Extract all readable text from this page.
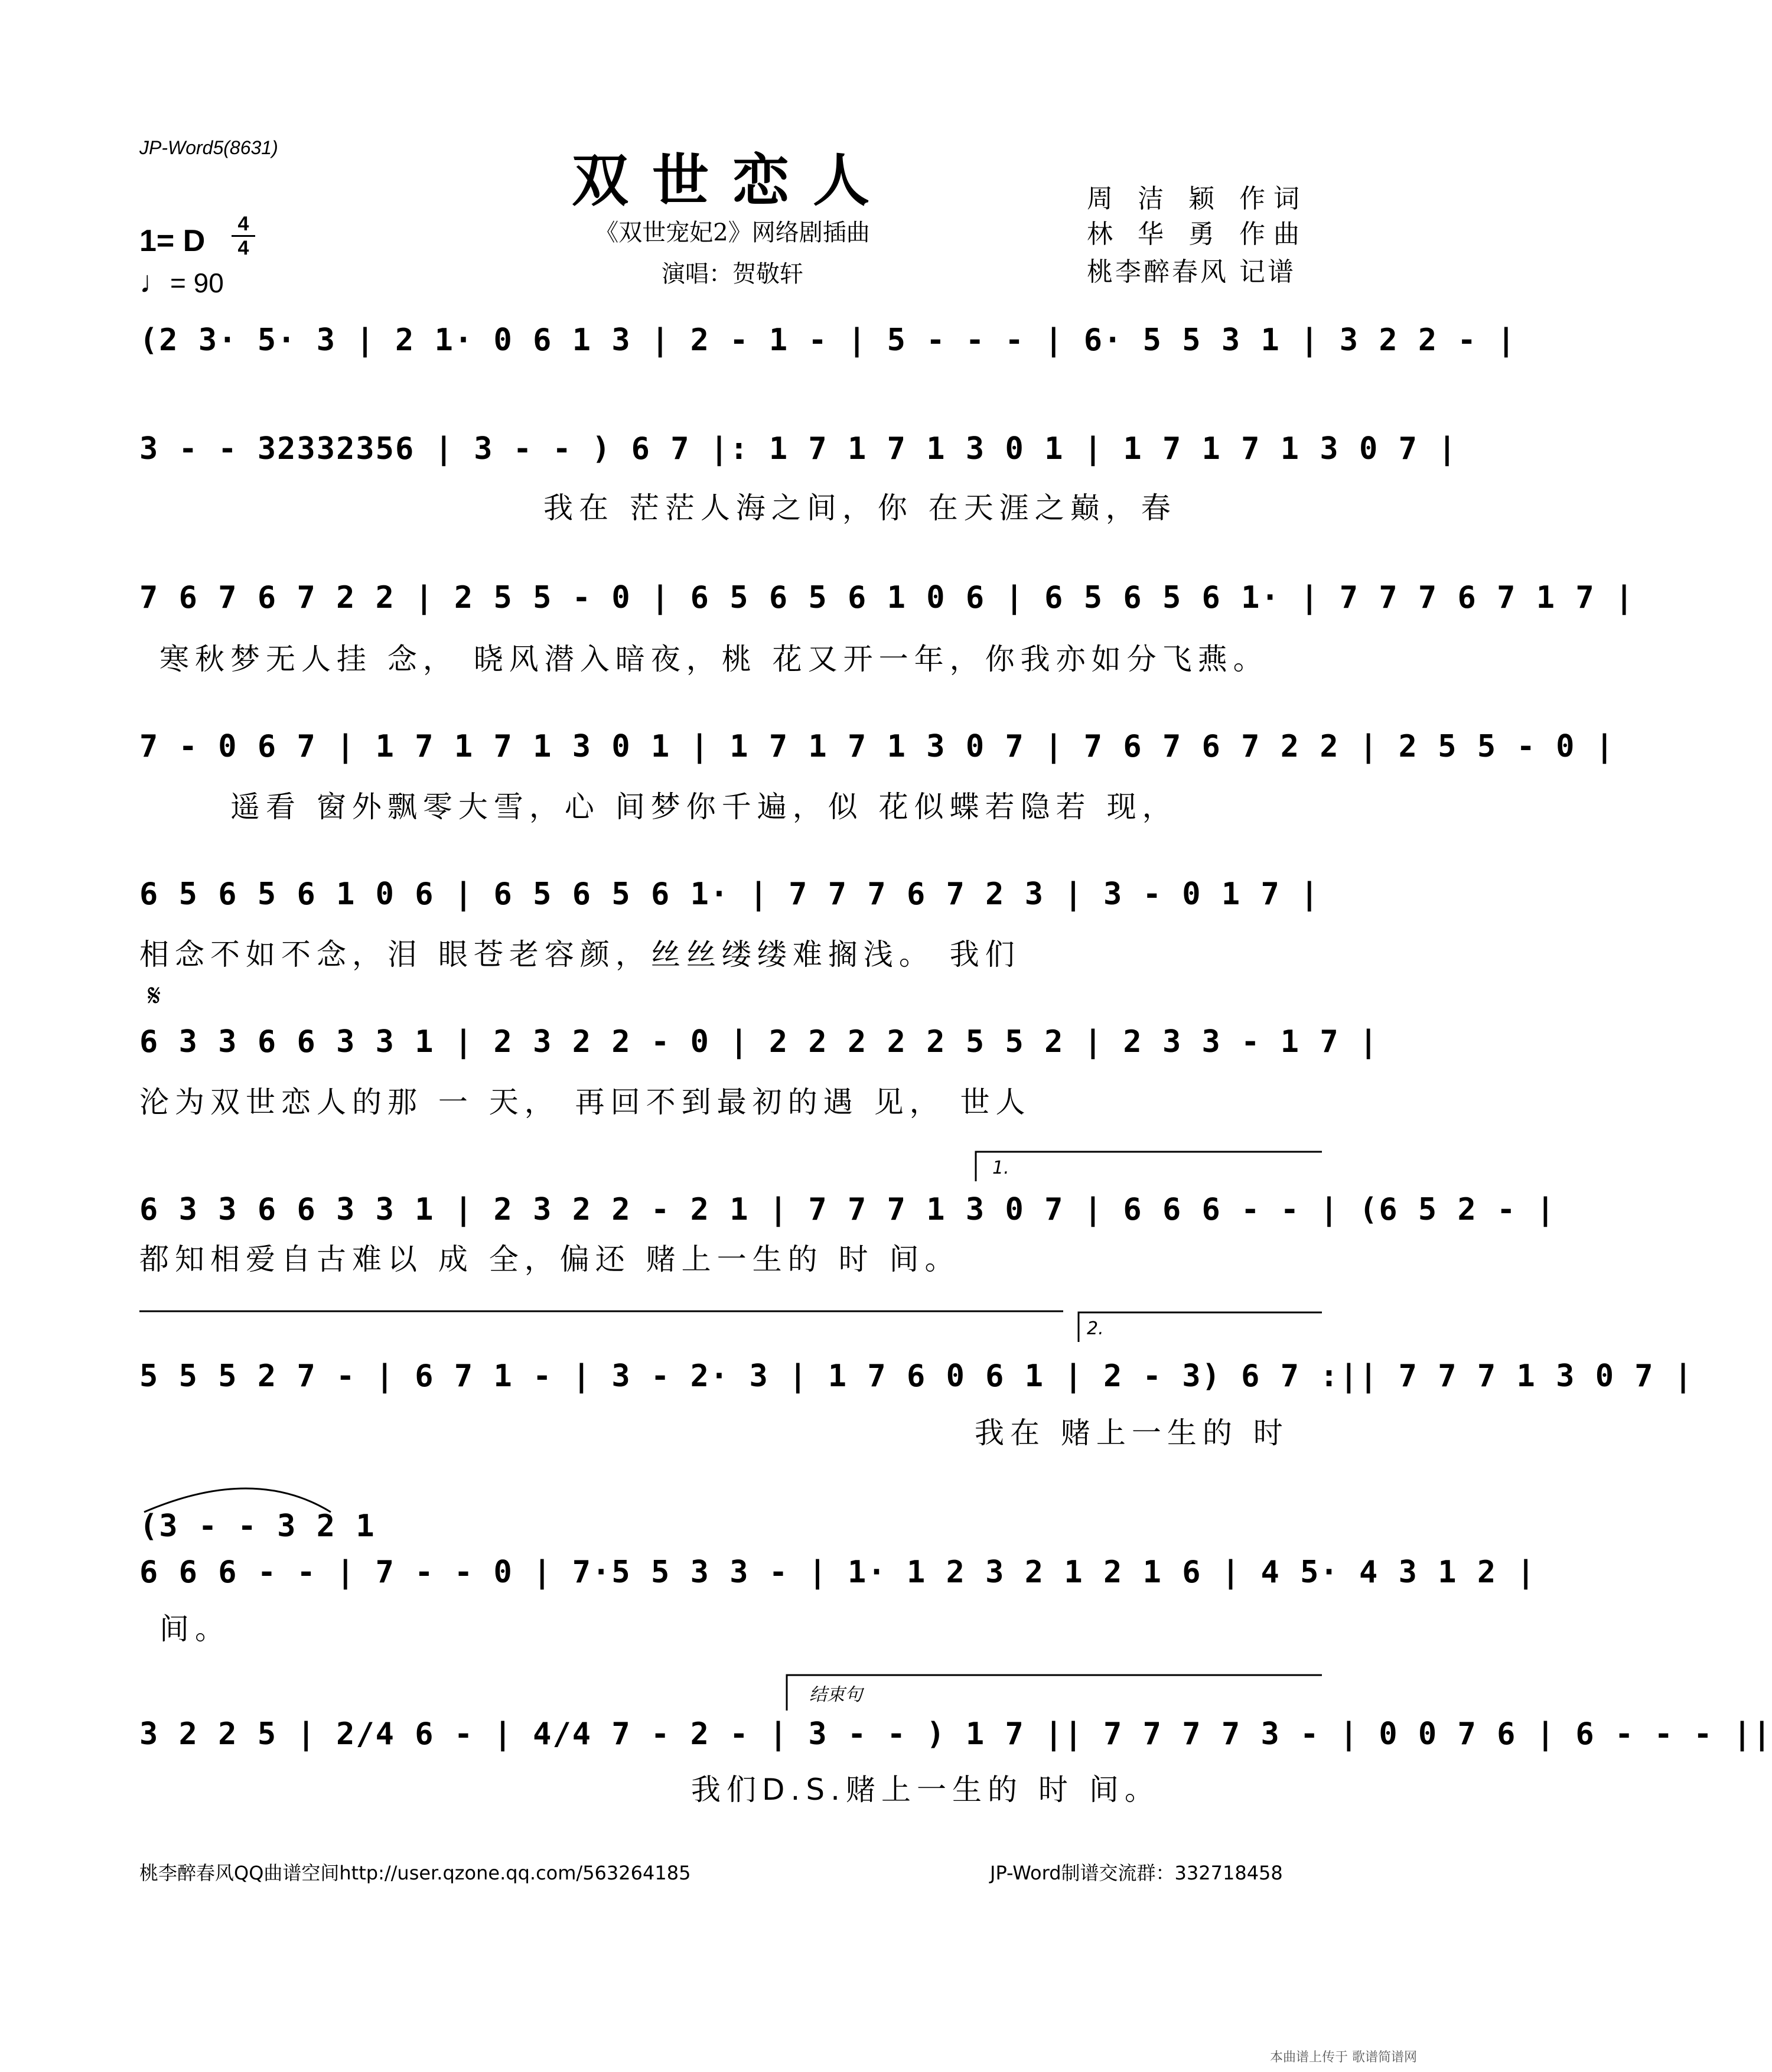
JP-Word5(8631)	双世恋人
《双世宠妃2》网络剧插曲
演唱：贺敬轩
周 洁 颖 作词
林 华 勇 作曲
桃李醉春风 记谱
1= D	4
4
♩= 90
(2 3· 5· 3 | 2 1· 0 6 1 3 | 2 - 1 - | 5 - - - | 6· 5 5 3 1 | 3 2 2 - |
3 - - 32332356 | 3 - - ) 6 7 |: 1 7 1 7 1 3 0 1 | 1 7 1 7 1 3 0 7 |
我在 茫茫人海之间，你 在天涯之巅，春
7 6 7 6 7 2 2 | 2 5 5 - 0 | 6 5 6 5 6 1 0 6 | 6 5 6 5 6 1· | 7 7 7 6 7 1 7 |
寒秋梦无人挂 念， 晓风潜入暗夜，桃 花又开一年，你我亦如分飞燕。
7 - 0 6 7 | 1 7 1 7 1 3 0 1 | 1 7 1 7 1 3 0 7 | 7 6 7 6 7 2 2 | 2 5 5 - 0 |
遥看 窗外飘零大雪，心 间梦你千遍，似 花似蝶若隐若 现，
6 5 6 5 6 1 0 6 | 6 5 6 5 6 1· | 7 7 7 6 7 2 3 | 3 - 0 1 7 |
相念不如不念，泪 眼苍老容颜，丝丝缕缕难搁浅。 我们
𝄋
6 3 3 6 6 3 3 1 | 2 3 2 2 - 0 | 2 2 2 2 2 5 5 2 | 2 3 3 - 1 7 |
沦为双世恋人的那 一 天， 再回不到最初的遇 见， 世人
1.
6 3 3 6 6 3 3 1 | 2 3 2 2 - 2 1 | 7 7 7 1 3 0 7 | 6 6 6 - - | (6 5 2 - |
都知相爱自古难以 成 全，偏还 赌上一生的 时 间。
2.
5 5 5 2 7 - | 6 7 1 - | 3 - 2· 3 | 1 7 6 0 6 1 | 2 - 3) 6 7 :|| 7 7 7 1 3 0 7 |
我在 赌上一生的 时
(3 - - 3 2 1
6 6 6 - - | 7 - - 0 | 7·5 5 3 3 - | 1· 1 2 3 2 1 2 1 6 | 4 5· 4 3 1 2 |
间。
结束句
3 2 2 5 | 2/4 6 - | 4/4 7 - 2 - | 3 - - ) 1 7 || 7 7 7 7 3 - | 0 0 7 6 | 6 - - - ||
我们D.S.赌上一生的 时 间。
桃李醉春风QQ曲谱空间http://user.qzone.qq.com/563264185	JP-Word制谱交流群：332718458
本曲谱上传于 歌谱简谱网
